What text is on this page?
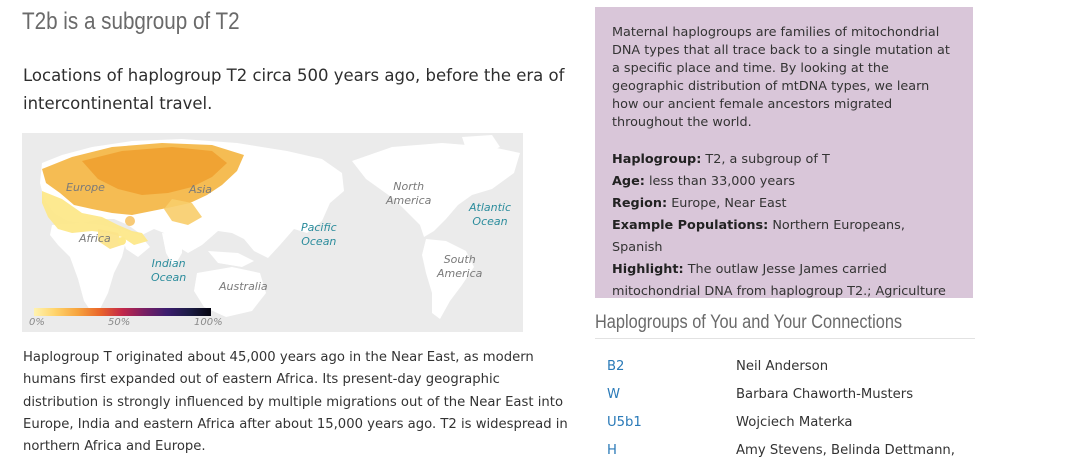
T2b is a subgroup of T2
Locations of haplogroup T2 circa 500 years ago, before the era of intercontinental travel.
Europe	Asia
Africa
Australia
North
America
South
America
Indian
Ocean
Pacific
Ocean
Atlantic
Ocean
0%	50%	100%
Haplogroup T originated about 45,000 years ago in the Near East, as modern humans first expanded out of eastern Africa. Its present-day geographic distribution is strongly influenced by multiple migrations out of the Near East into Europe, India and eastern Africa after about 15,000 years ago. T2 is widespread in northern Africa and Europe.
Maternal haplogroups are families of mitochondrial DNA types that all trace back to a single mutation at a specific place and time. By looking at the geographic distribution of mtDNA types, we learn how our ancient female ancestors migrated throughout the world.
Haplogroup: T2, a subgroup of T
Age: less than 33,000 years
Region: Europe, Near East
Example Populations: Northern Europeans, Spanish
Highlight: The outlaw Jesse James carried mitochondrial DNA from haplogroup T2.; Agriculture
Haplogroups of You and Your Connections
B2	Neil Anderson
W	Barbara Chaworth-Musters
U5b1	Wojciech Materka
H	Amy Stevens, Belinda Dettmann,
